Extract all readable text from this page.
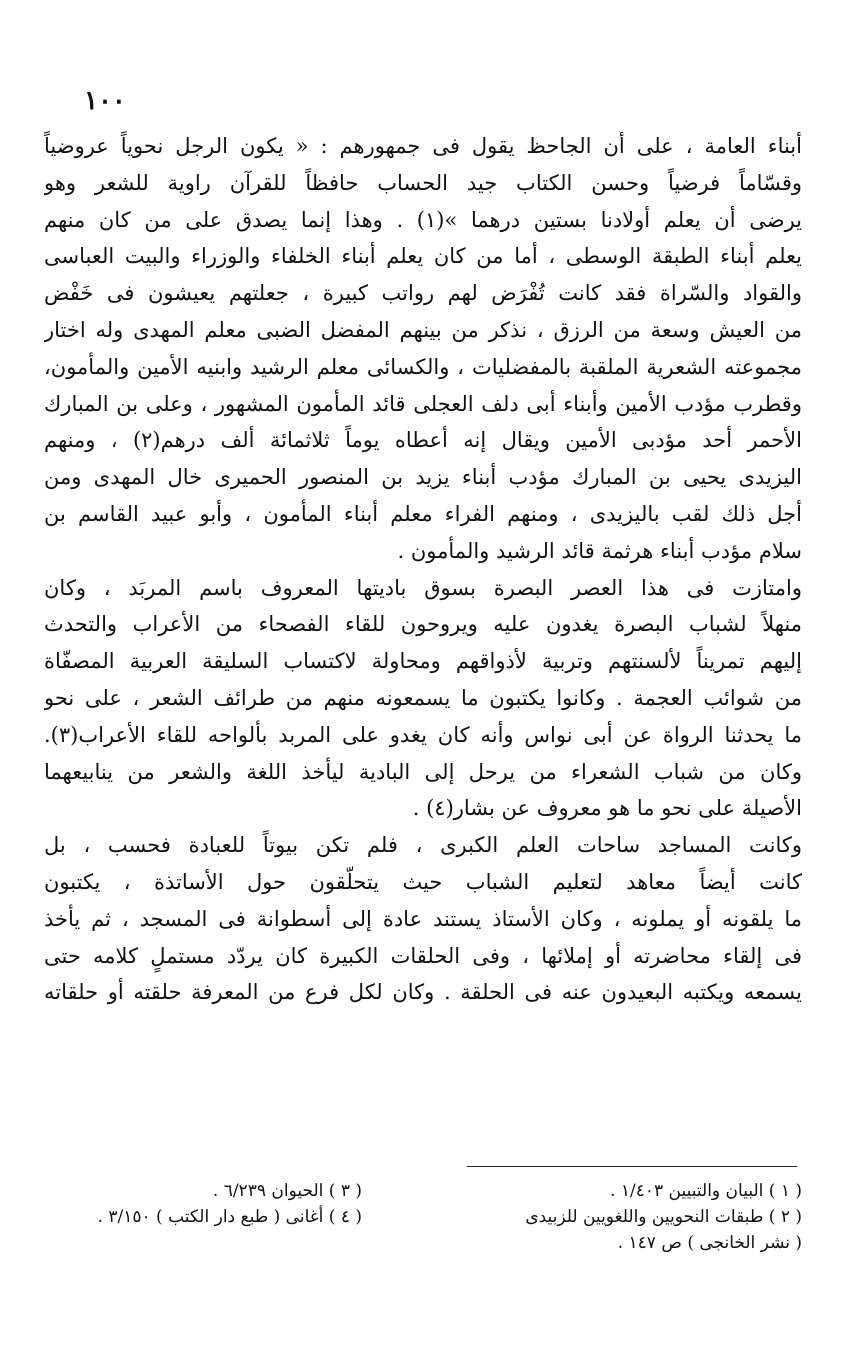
١٠٠
أبناء العامة ، على أن الجاحظ يقول فى جمهورهم : « يكون الرجل نحوياً عروضياً
وقسّاماً فرضياً وحسن الكتاب جيد الحساب حافظاً للقرآن راوية للشعر وهو
يرضى أن يعلم أولادنا بستين درهما »(١) . وهذا إنما يصدق على من كان منهم
يعلم أبناء الطبقة الوسطى ، أما من كان يعلم أبناء الخلفاء والوزراء والبيت العباسى
والقواد والسّراة فقد كانت تُفْرَض لهم رواتب كبيرة ، جعلتهم يعيشون فى خَفْض
من العيش وسعة من الرزق ، نذكر من بينهم المفضل الضبى معلم المهدى وله اختار
مجموعته الشعرية الملقبة بالمفضليات ، والكسائى معلم الرشيد وابنيه الأمين والمأمون،
وقطرب مؤدب الأمين وأبناء أبى دلف العجلى قائد المأمون المشهور ، وعلى بن المبارك
الأحمر أحد مؤدبى الأمين ويقال إنه أعطاه يوماً ثلاثمائة ألف درهم(٢) ، ومنهم
اليزيدى يحيى بن المبارك مؤدب أبناء يزيد بن المنصور الحميرى خال المهدى ومن
أجل ذلك لقب باليزيدى ، ومنهم الفراء معلم أبناء المأمون ، وأبو عبيد القاسم بن
سلام مؤدب أبناء هرثمة قائد الرشيد والمأمون .
وامتازت فى هذا العصر البصرة بسوق باديتها المعروف باسم المربَد ، وكان
منهلاً لشباب البصرة يغدون عليه ويروحون للقاء الفصحاء من الأعراب والتحدث
إليهم تمريناً لألسنتهم وتربية لأذواقهم ومحاولة لاكتساب السليقة العربية المصفّاة
من شوائب العجمة . وكانوا يكتبون ما يسمعونه منهم من طرائف الشعر ، على نحو
ما يحدثنا الرواة عن أبى نواس وأنه كان يغدو على المربد بألواحه للقاء الأعراب(٣).
وكان من شباب الشعراء من يرحل إلى البادية ليأخذ اللغة والشعر من ينابيعهما
الأصيلة على نحو ما هو معروف عن بشار(٤) .
وكانت المساجد ساحات العلم الكبرى ، فلم تكن بيوتاً للعبادة فحسب ، بل
كانت أيضاً معاهد لتعليم الشباب حيث يتحلّقون حول الأساتذة ، يكتبون
ما يلقونه أو يملونه ، وكان الأستاذ يستند عادة إلى أسطوانة فى المسجد ، ثم يأخذ
فى إلقاء محاضرته أو إملائها ، وفى الحلقات الكبيرة كان يردّد مستملٍ كلامه حتى
يسمعه ويكتبه البعيدون عنه فى الحلقة . وكان لكل فرع من المعرفة حلقته أو حلقاته
( ١ ) البيان والتبيين ١/٤٠٣ .
( ٢ ) طبقات النحويين واللغويين للزبيدى
( نشر الخانجى ) ص ١٤٧ .
( ٣ ) الحيوان ٦/٢٣٩ .
( ٤ ) أغانى ( طبع دار الكتب ) ٣/١٥٠ .
